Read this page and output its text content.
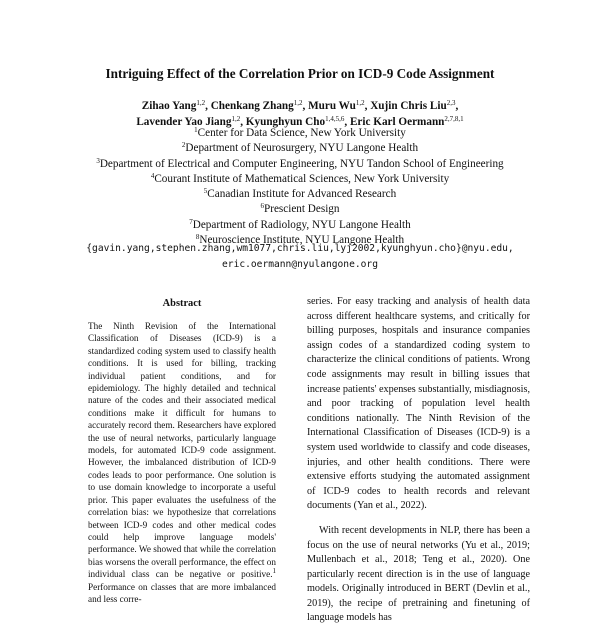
Intriguing Effect of the Correlation Prior on ICD-9 Code Assignment
Zihao Yang$^{1,2}$, Chenkang Zhang$^{1,2}$, Muru Wu$^{1,2}$, Xujin Chris Liu$^{2,3}$,
Lavender Yao Jiang$^{1,2}$, Kyunghyun Cho$^{1,4,5,6}$, Eric Karl Oermann$^{2,7,8,1}$
$^1$Center for Data Science, New York University
$^2$Department of Neurosurgery, NYU Langone Health
$^3$Department of Electrical and Computer Engineering, NYU Tandon School of Engineering
$^4$Courant Institute of Mathematical Sciences, New York University
$^5$Canadian Institute for Advanced Research
$^6$Prescient Design
$^7$Department of Radiology, NYU Langone Health
$^8$Neuroscience Institute, NYU Langone Health
{gavin.yang,stephen.zhang,wm1077,chris.liu,lyj2002,kyunghyun.cho}@nyu.edu,
eric.oermann@nyulangone.org
Abstract

The Ninth Revision of the International Classification of Diseases (ICD-9) is a standardized coding system used to classify health conditions. It is used for billing, tracking individual patient conditions, and for epidemiology. The highly detailed and technical nature of the codes and their associated medical conditions make it difficult for humans to accurately record them. Researchers have explored the use of neural networks, particularly language models, for automated ICD-9 code assignment. However, the imbalanced distribution of ICD-9 codes leads to poor performance. One solution is to use domain knowledge to incorporate a useful prior. This paper evaluates the usefulness of the correlation bias: we hypothesize that correlations between ICD-9 codes and other medical codes could help improve language models' performance. We showed that while the correlation bias worsens the overall performance, the effect on individual class can be negative or positive.$^1$ Performance on classes that are more imbalanced and less corre-

series. For easy tracking and analysis of health data across different healthcare systems, and critically for billing purposes, hospitals and insurance companies assign codes of a standardized coding system to characterize the clinical conditions of patients. Wrong code assignments may result in billing issues that increase patients' expenses substantially, misdiagnosis, and poor tracking of population level health conditions nationally. The Ninth Revision of the International Classification of Diseases (ICD-9) is a system used worldwide to classify and code diseases, injuries, and other health conditions. There were extensive efforts studying the automated assignment of ICD-9 codes to health records and relevant documents (Yan et al., 2022).

With recent developments in NLP, there has been a focus on the use of neural networks (Yu et al., 2019; Mullenbach et al., 2018; Teng et al., 2020). One particularly recent direction is in the use of language models. Originally introduced in BERT (Devlin et al., 2019), the recipe of pretraining and finetuning of language models has
